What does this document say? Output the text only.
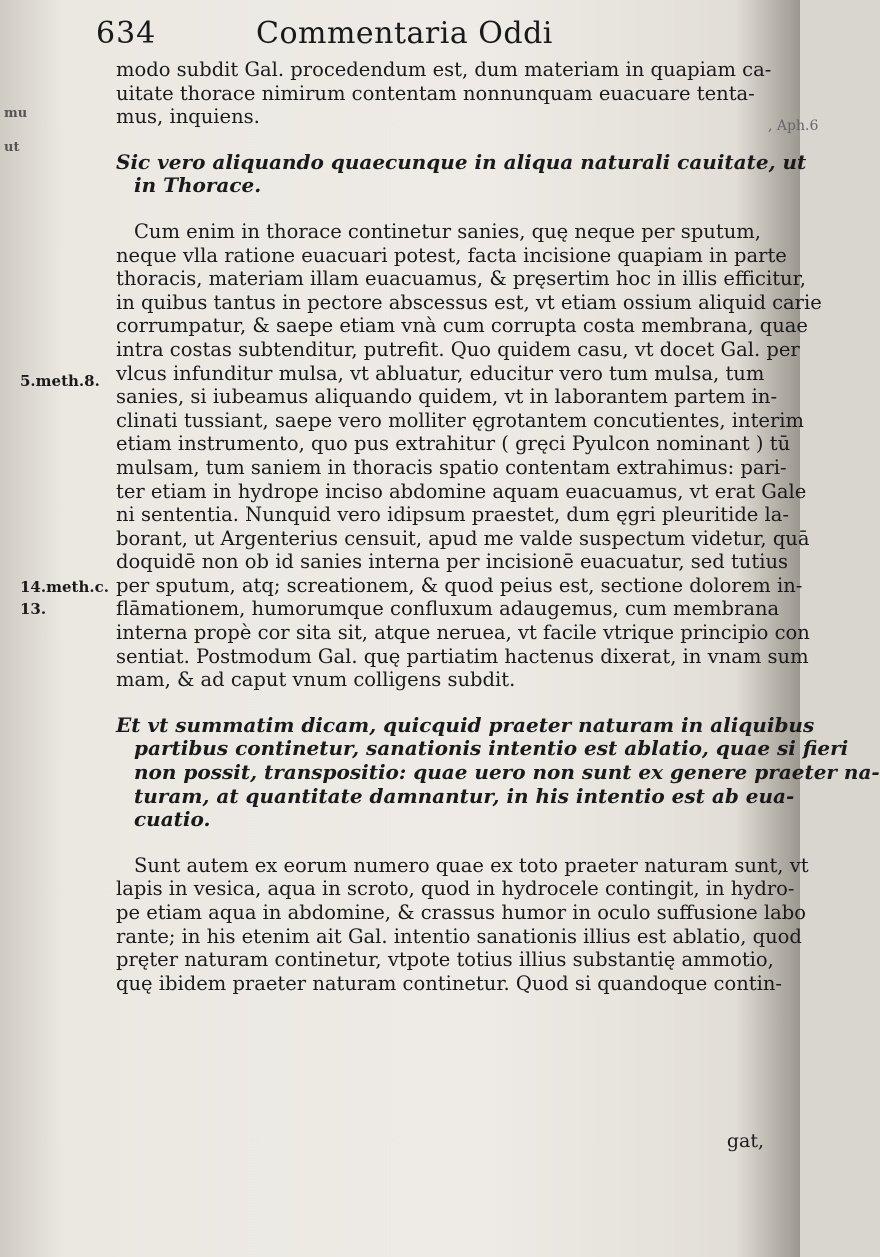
634	Commentaria Oddi
mu
ut
, Aph.6
5.meth.8.
14.meth.c.
13.
modo subdit Gal. procedendum est, dum materiam in quapiam ca-
uitate thorace nimirum contentam nonnunquam euacuare tenta-
mus, inquiens.
Sic vero aliquando quaecunque in aliqua naturali cauitate, ut
in Thorace.
Cum enim in thorace continetur sanies, quę neque per sputum,
neque vlla ratione euacuari potest, facta incisione quapiam in parte
thoracis, materiam illam euacuamus, & pręsertim hoc in illis efficitur,
in quibus tantus in pectore abscessus est, vt etiam ossium aliquid carie
corrumpatur, & saepe etiam vnà cum corrupta costa membrana, quae
intra costas subtenditur, putrefit. Quo quidem casu, vt docet Gal. per
vlcus infunditur mulsa, vt abluatur, educitur vero tum mulsa, tum
sanies, si iubeamus aliquando quidem, vt in laborantem partem in-
clinati tussiant, saepe vero molliter ęgrotantem concutientes, interim
etiam instrumento, quo pus extrahitur ( gręci Pyulcon nominant ) tū
mulsam, tum saniem in thoracis spatio contentam extrahimus: pari-
ter etiam in hydrope inciso abdomine aquam euacuamus, vt erat Gale
ni sententia. Nunquid vero idipsum praestet, dum ęgri pleuritide la-
borant, ut Argenterius censuit, apud me valde suspectum videtur, quā
doquidē non ob id sanies interna per incisionē euacuatur, sed tutius
per sputum, atq; screationem, & quod peius est, sectione dolorem in-
flāmationem, humorumque confluxum adaugemus, cum membrana
interna propè cor sita sit, atque neruea, vt facile vtrique principio con
sentiat. Postmodum Gal. quę partiatim hactenus dixerat, in vnam sum
mam, & ad caput vnum colligens subdit.
Et vt summatim dicam, quicquid praeter naturam in aliquibus
partibus continetur, sanationis intentio est ablatio, quae si fieri
non possit, transpositio: quae uero non sunt ex genere praeter na-
turam, at quantitate damnantur, in his intentio est ab eua-
cuatio.
Sunt autem ex eorum numero quae ex toto praeter naturam sunt, vt
lapis in vesica, aqua in scroto, quod in hydrocele contingit, in hydro-
pe etiam aqua in abdomine, & crassus humor in oculo suffusione labo
rante; in his etenim ait Gal. intentio sanationis illius est ablatio, quod
pręter naturam continetur, vtpote totius illius substantię ammotio,
quę ibidem praeter naturam continetur. Quod si quandoque contin-
gat,
